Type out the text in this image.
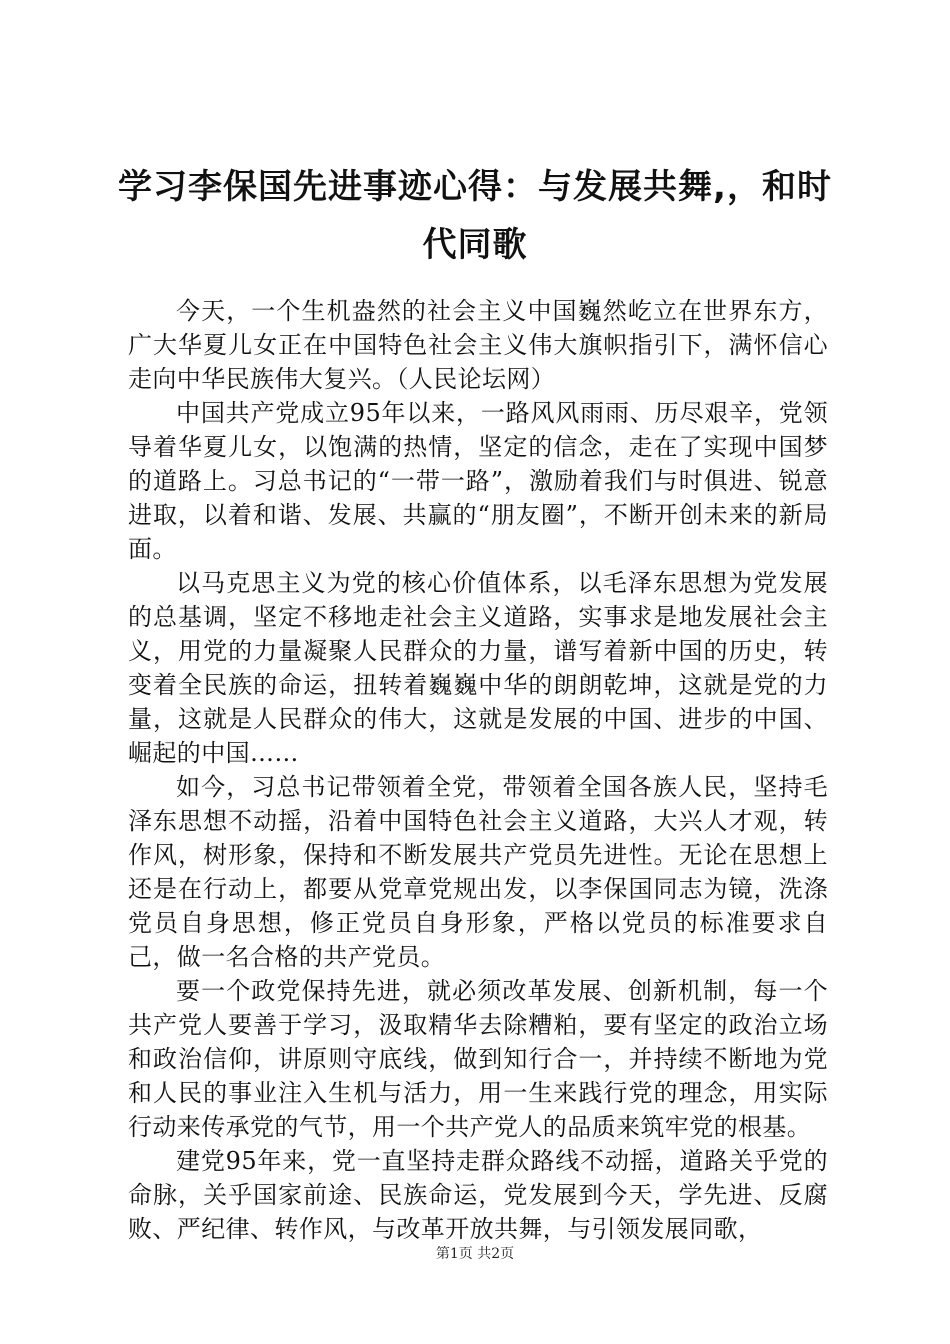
学习李保国先进事迹心得：与发展共舞,，和时代同歌

今天，一个生机盎然的社会主义中国巍然屹立在世界东方，广大华夏儿女正在中国特色社会主义伟大旗帜指引下，满怀信心走向中华民族伟大复兴。（人民论坛网）

中国共产党成立95年以来，一路风风雨雨、历尽艰辛，党领导着华夏儿女，以饱满的热情，坚定的信念，走在了实现中国梦的道路上。习总书记的“一带一路”，激励着我们与时俱进、锐意进取，以着和谐、发展、共赢的“朋友圈”，不断开创未来的新局面。

以马克思主义为党的核心价值体系，以毛泽东思想为党发展的总基调，坚定不移地走社会主义道路，实事求是地发展社会主义，用党的力量凝聚人民群众的力量，谱写着新中国的历史，转变着全民族的命运，扭转着巍巍中华的朗朗乾坤，这就是党的力量，这就是人民群众的伟大，这就是发展的中国、进步的中国、崛起的中国……

如今，习总书记带领着全党，带领着全国各族人民，坚持毛泽东思想不动摇，沿着中国特色社会主义道路，大兴人才观，转作风，树形象，保持和不断发展共产党员先进性。无论在思想上还是在行动上，都要从党章党规出发，以李保国同志为镜，洗涤党员自身思想，修正党员自身形象，严格以党员的标准要求自己，做一名合格的共产党员。

要一个政党保持先进，就必须改革发展、创新机制，每一个共产党人要善于学习，汲取精华去除糟粕，要有坚定的政治立场和政治信仰，讲原则守底线，做到知行合一，并持续不断地为党和人民的事业注入生机与活力，用一生来践行党的理念，用实际行动来传承党的气节，用一个共产党人的品质来筑牢党的根基。

建党95年来，党一直坚持走群众路线不动摇，道路关乎党的命脉，关乎国家前途、民族命运，党发展到今天，学先进、反腐败、严纪律、转作风，与改革开放共舞，与引领发展同歌，

第1页 共2页
